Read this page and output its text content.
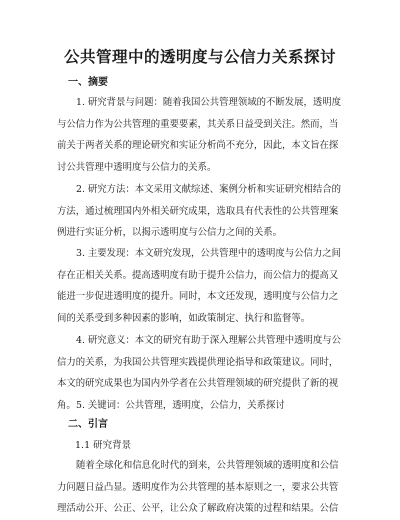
公共管理中的透明度与公信力关系探讨
一、摘要
1. 研究背景与问题：随着我国公共管理领域的不断发展，透明度
与公信力作为公共管理的重要要素，其关系日益受到关注。然而，当
前关于两者关系的理论研究和实证分析尚不充分，因此，本文旨在探
讨公共管理中透明度与公信力的关系。
2. 研究方法：本文采用文献综述、案例分析和实证研究相结合的
方法，通过梳理国内外相关研究成果，选取具有代表性的公共管理案
例进行实证分析，以揭示透明度与公信力之间的关系。
3. 主要发现：本文研究发现，公共管理中的透明度与公信力之间
存在正相关关系。提高透明度有助于提升公信力，而公信力的提高又
能进一步促进透明度的提升。同时，本文还发现，透明度与公信力之
间的关系受到多种因素的影响，如政策制定、执行和监督等。
4. 研究意义：本文的研究有助于深入理解公共管理中透明度与公
信力的关系，为我国公共管理实践提供理论指导和政策建议。同时，
本文的研究成果也为国内外学者在公共管理领域的研究提供了新的视
角。 5. 关键词：公共管理，透明度，公信力，关系探讨
二、引言
1.1 研究背景
随着全球化和信息化时代的到来，公共管理领域的透明度和公信
力问题日益凸显。透明度作为公共管理的基本原则之一，要求公共管
理活动公开、公正、公平，让公众了解政府决策的过程和结果。公信
